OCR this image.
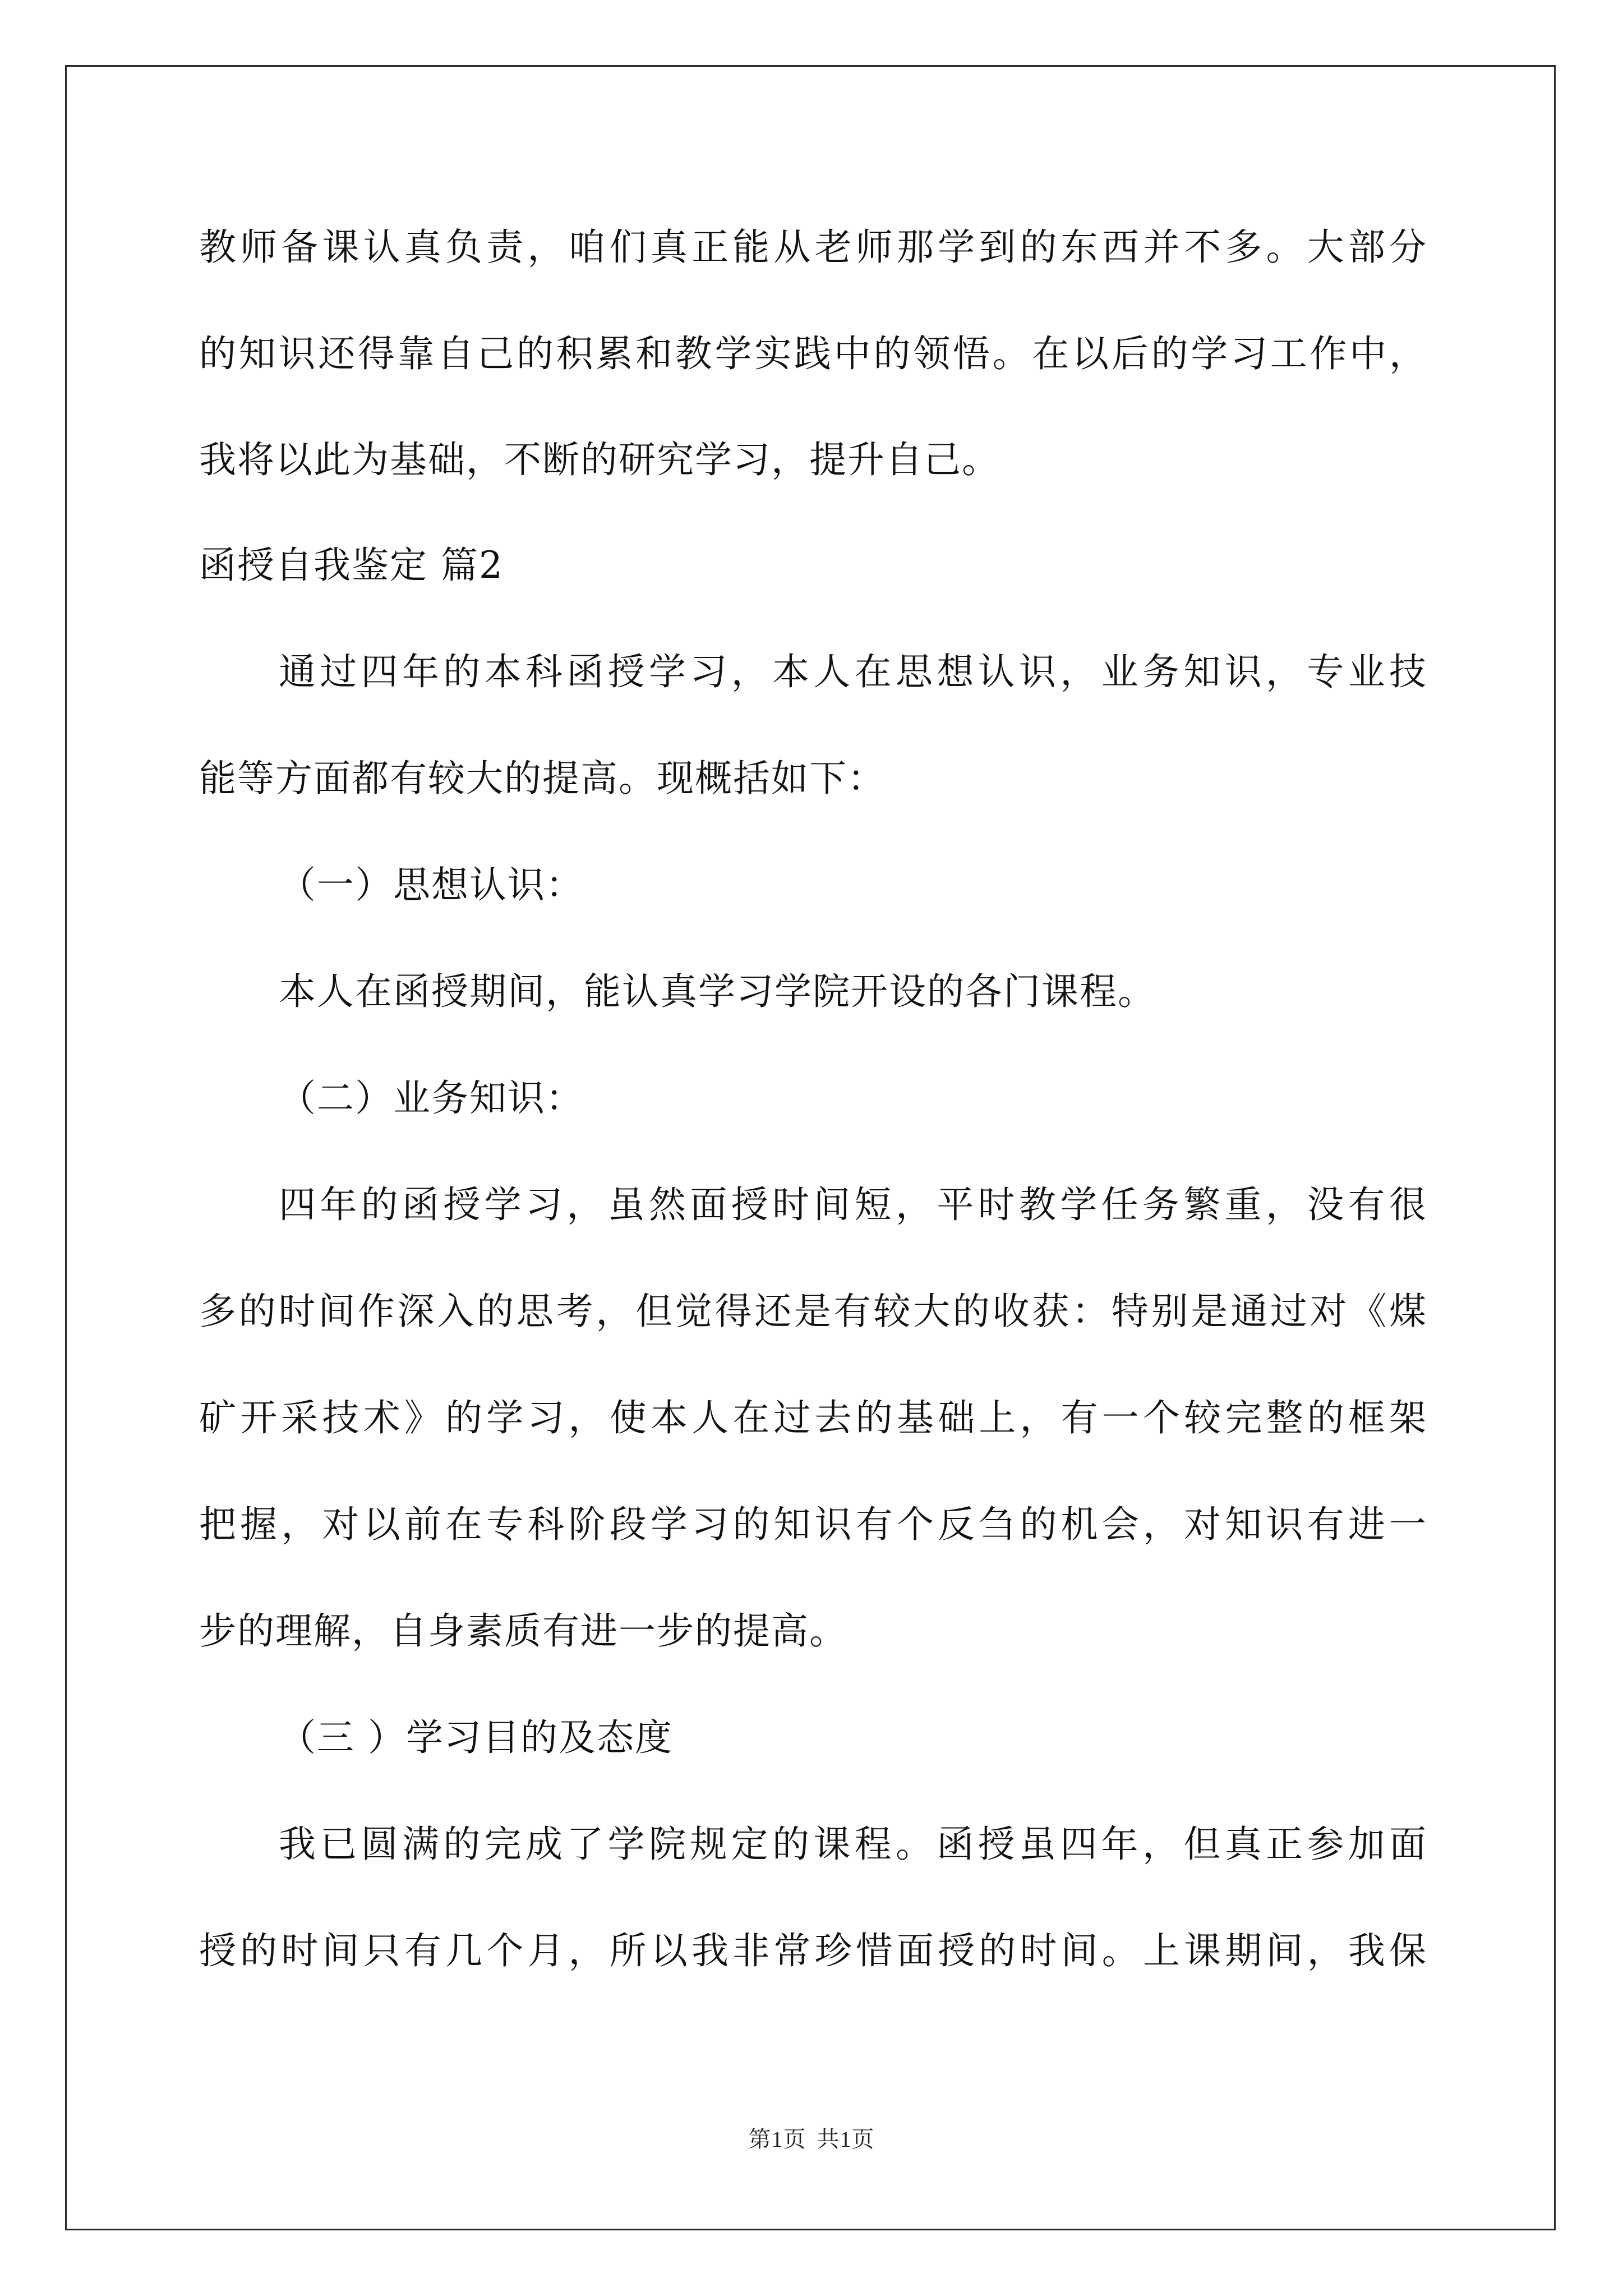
教师备课认真负责，咱们真正能从老师那学到的东西并不多。大部分
的知识还得靠自己的积累和教学实践中的领悟。在以后的学习工作中，
我将以此为基础，不断的研究学习，提升自己。
函授自我鉴定 篇2
通过四年的本科函授学习，本人在思想认识，业务知识，专业技
能等方面都有较大的提高。现概括如下：
（一）思想认识：
本人在函授期间，能认真学习学院开设的各门课程。
（二）业务知识：
四年的函授学习，虽然面授时间短，平时教学任务繁重，没有很
多的时间作深入的思考，但觉得还是有较大的收获：特别是通过对《煤
矿开采技术》的学习，使本人在过去的基础上，有一个较完整的框架
把握，对以前在专科阶段学习的知识有个反刍的机会，对知识有进一
步的理解，自身素质有进一步的提高。
（三 ）学习目的及态度
我已圆满的完成了学院规定的课程。函授虽四年，但真正参加面
授的时间只有几个月，所以我非常珍惜面授的时间。上课期间，我保
第1页 共1页
